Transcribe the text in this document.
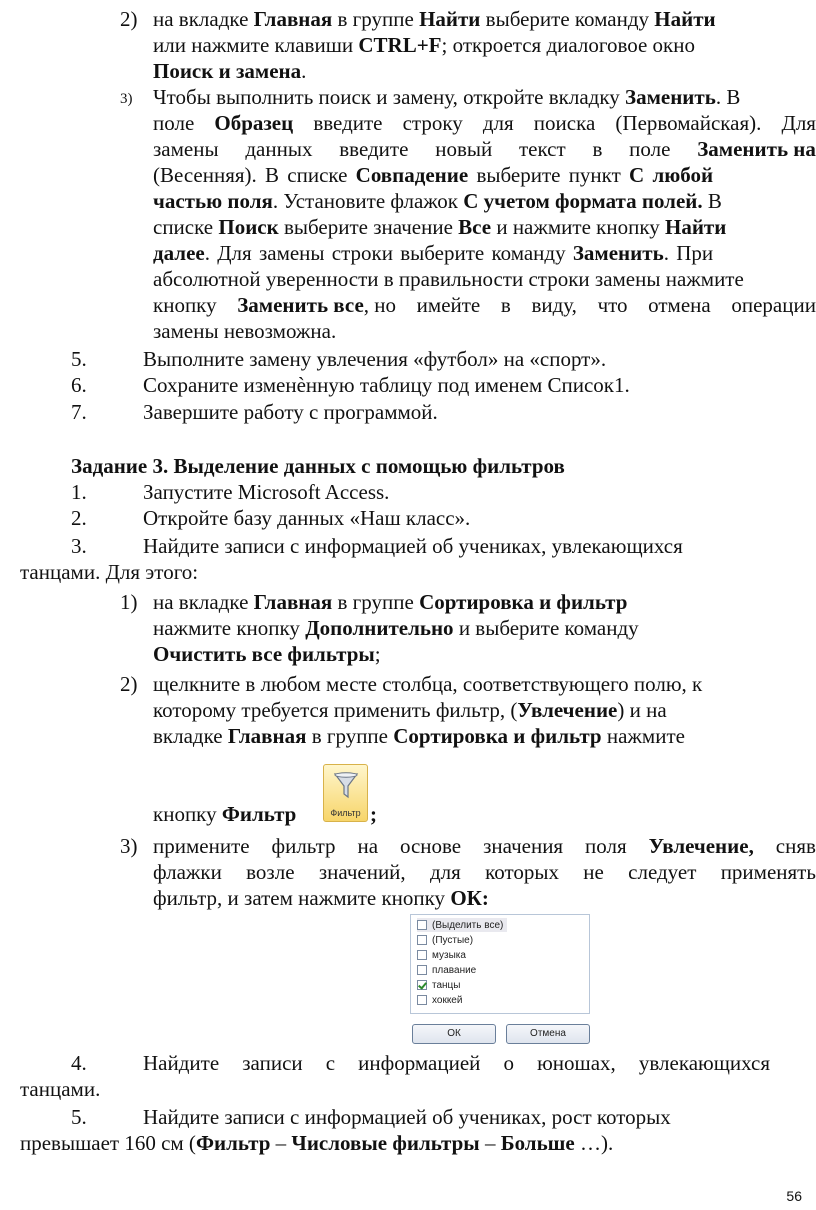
2) на вкладке Главная в группе Найти выберите команду Найти
или нажмите клавиши CTRL+F; откроется диалоговое окно
Поиск и замена.
3) Чтобы выполнить поиск и замену, откройте вкладку Заменить. В
поле Образец введите строку для поиска (Первомайская). Для
замены данных введите новый текст в поле Заменить на
(Весенняя). В списке Совпадение выберите пункт С любой
частью поля. Установите флажок С учетом формата полей. В
списке Поиск выберите значение Все и нажмите кнопку Найти
далее. Для замены строки выберите команду Заменить. При
абсолютной уверенности в правильности строки замены нажмите
кнопку Заменить все, но имейте в виду, что отмена операции
замены невозможна.
5.	Выполните замену увлечения «футбол» на «спорт».
6.	Сохраните изменѐнную таблицу под именем Список1.
7.	Завершите работу с программой.
Задание 3. Выделение данных с помощью фильтров
1.	Запустите Microsoft Access.
2.	Откройте базу данных «Наш класс».
3.	Найдите записи с информацией об учениках, увлекающихся
танцами. Для этого:
1) на вкладке Главная в группе Сортировка и фильтр
нажмите кнопку Дополнительно и выберите команду
Очистить все фильтры;
2) щелкните в любом месте столбца, соответствующего полю, к
которому требуется применить фильтр, (Увлечение) и на
вкладке Главная в группе Сортировка и фильтр нажмите
кнопку Фильтр	;
Фильтр
3) примените фильтр на основе значения поля Увлечение, сняв
флажки возле значений, для которых не следует применять
фильтр, и затем нажмите кнопку ОК:
(Выделить все)
(Пустые)
музыка
плавание
танцы
хоккей
ОК	Отмена
4.	Найдите записи с информацией о юношах, увлекающихся
танцами.
5.	Найдите записи с информацией об учениках, рост которых
превышает 160 см (Фильтр – Числовые фильтры – Больше …).
56
